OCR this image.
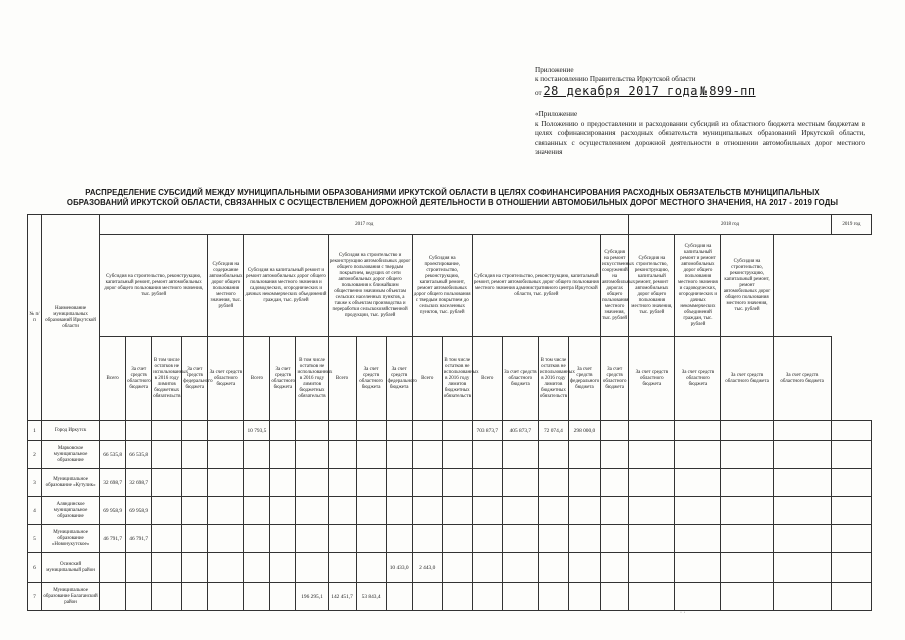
Приложение
к постановлению Правительства Иркутской области
от 28 декабря 2017 года № 899-пп
«Приложение
к Положению о предоставлении и расходовании субсидий из областного бюджета местным бюджетам в целях софинансирования расходных обязательств муниципальных образований Иркутской области, связанных с осуществлением дорожной деятельности в отношении автомобильных дорог местного значения
РАСПРЕДЕЛЕНИЕ СУБСИДИЙ МЕЖДУ МУНИЦИПАЛЬНЫМИ ОБРАЗОВАНИЯМИ ИРКУТСКОЙ ОБЛАСТИ В ЦЕЛЯХ СОФИНАНСИРОВАНИЯ РАСХОДНЫХ ОБЯЗАТЕЛЬСТВ МУНИЦИПАЛЬНЫХ
ОБРАЗОВАНИЙ ИРКУТСКОЙ ОБЛАСТИ, СВЯЗАННЫХ С ОСУЩЕСТВЛЕНИЕМ ДОРОЖНОЙ ДЕЯТЕЛЬНОСТИ В ОТНОШЕНИИ АВТОМОБИЛЬНЫХ ДОРОГ МЕСТНОГО ЗНАЧЕНИЯ, НА 2017 - 2019 ГОДЫ
№ п/п	Наименование муниципальных образований Иркутской области	2017 год																		2018 год				2019 год
		Субсидия на строительство, реконструкцию, капитальный ремонт, ремонт автомобильных дорог общего пользования местного значения, тыс. рублей				Субсидия на содержание автомобильных дорог общего пользования местного значения, тыс. рублей	Субсидия на капитальный ремонт и ремонт автомобильных дорог общего пользования местного значения и садоводческих, огороднических и дачных некоммерческих объединений граждан, тыс. рублей			Субсидия на строительство и реконструкцию автомобильных дорог общего пользования с твердым покрытием, ведущих от сети автомобильных дорог общего пользования к ближайшим общественно значимым объектам сельских населенных пунктов, а также к объектам производства и переработки сельскохозяйственной продукции, тыс. рублей			Субсидия на проектирование, строительство, реконструкцию, капитальный ремонт, ремонт автомобильных дорог общего пользования с твердым покрытием до сельских населенных пунктов, тыс. рублей		Субсидия на строительство, реконструкцию, капитальный ремонт, ремонт автомобильных дорог общего пользования местного значения административного центра Иркутской области, тыс. рублей				Субсидия на ремонт искусственных сооружений на автомобильных дорогах общего пользования местного значения, тыс. рублей	Субсидия на строительство, реконструкцию, капитальный ремонт, ремонт автомобильных дорог общего пользования местного значения, тыс. рублей	Субсидия на капитальный ремонт и ремонт автомобильных дорог общего пользования местного значения и садоводческих, огороднических и дачных некоммерческих объединений граждан, тыс. рублей	Субсидия на строительство, реконструкцию, капитальный ремонт, ремонт автомобильных дорог общего пользования местного значения, тыс. рублей		
		Всего	За счет средств областного бюджета	В том числе остатков не использованных в 2016 году лимитов бюджетных обязательств	За счет средств федерального бюджета	За счет средств областного бюджета	Всего	За счет средств областного бюджета	В том числе остатков не использованных в 2016 году лимитов бюджетных обязательств	Всего	За счет средств областного бюджета	За счет средств федерального бюджета	Всего	В том числе остатков не использованных в 2016 году лимитов бюджетных обязательств	Всего	За счет средств областного бюджета	В том числе остатков не использованных в 2016 году лимитов бюджетных обязательств	За счет средств федерального бюджета	За счет средств областного бюджета	За счет средств областного бюджета	За счет средств областного бюджета	За счет средств областного бюджета	За счет средств областного бюджета	
1	Город Иркутск						10 793,5								703 873,7	405 873,7	72 074,4	298 000,0						
2	Марковское муниципальное образование	66 535,8	66 535,8																					
3	Муниципальное образование «Кутулик»	32 698,7	32 698,7																					
4	Аляндинское муниципальное образование	69 958,9	69 958,9																					
5	Муниципальное образование «Новонукутское»	46 791,7	46 791,7																					
6	Осинский муниципальный район											10 433,0	2 443,0											
7	Муниципальное образование Балаганский район								196 295,1	142 451,7	53 843,4													
· ·
